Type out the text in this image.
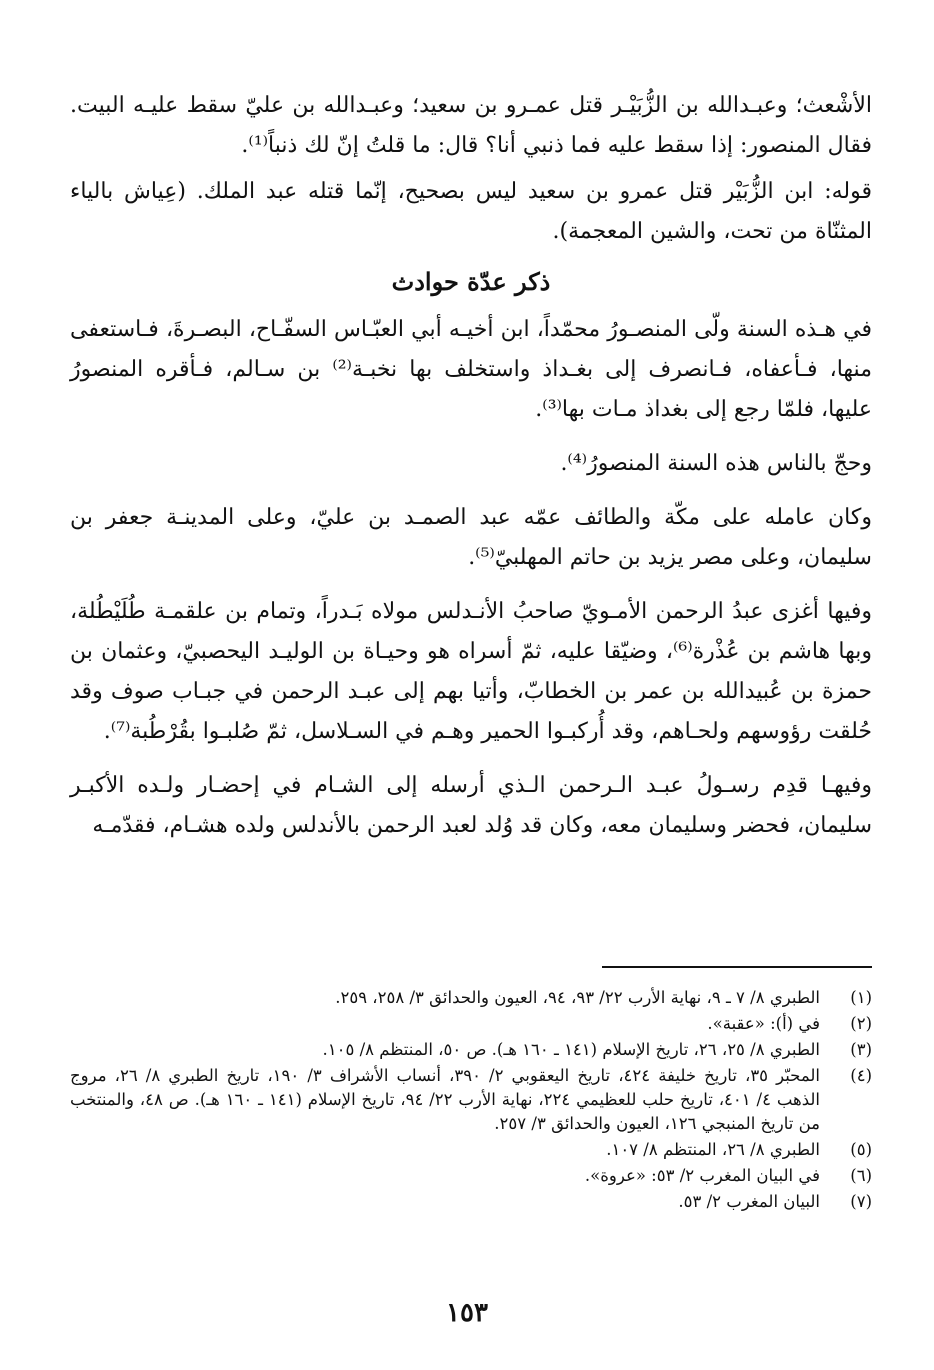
الأشْعث؛ وعبـدالله بن الزُّبَيْـر قتل عمـرو بن سعيد؛ وعبـدالله بن عليّ سقط عليـه البيت. فقال المنصور: إذا سقط عليه فما ذنبي أنا؟ قال: ما قلتُ إنّ لك ذنباً⁽¹⁾.

قوله: ابن الزُّبَيْر قتل عمرو بن سعيد ليس بصحيح، إنّما قتله عبد الملك. (عِياش بالياء المثنّاة من تحت، والشين المعجمة).

ذكر عدّة حوادث

في هـذه السنة ولّى المنصـورُ محمّداً، ابن أخيـه أبي العبّـاس السفّـاح، البصـرةَ، فـاستعفى منها، فـأعفاه، فـانصرف إلى بغـداذ واستخلف بها نخبـة⁽²⁾ بن سـالم، فـأقره المنصورُ عليها، فلمّا رجع إلى بغداذ مـات بها⁽³⁾.

وحجّ بالناس هذه السنة المنصورُ⁽⁴⁾.

وكان عامله على مكّة والطائف عمّه عبد الصمـد بن عليّ، وعلى المدينـة جعفر بن سليمان، وعلى مصر يزيد بن حاتم المهلبيّ⁽⁵⁾.

وفيها أغزى عبدُ الرحمن الأمـويّ صاحبُ الأنـدلس مولاه بَـدراً، وتمام بن علقمـة طُلَيْطُلة، وبها هاشم بن عُذْرة⁽⁶⁾، وضيّقا عليه، ثمّ أسراه هو وحيـاة بن الوليـد اليحصبيّ، وعثمان بن حمزة بن عُبيدالله بن عمر بن الخطابّ، وأتيا بهم إلى عبـد الرحمن في جبـاب صوف وقد حُلقت رؤوسهم ولحـاهم، وقد أُركبـوا الحمير وهـم في السـلاسل، ثمّ صُلبـوا بقُرْطُبة⁽⁷⁾.

وفيهـا قدِم رسـولُ عبـد الـرحمن الـذي أرسله إلى الشـام في إحضـار ولـده الأكبـر سليمان، فحضر وسليمان معه، وكان قد وُلد لعبد الرحمن بالأندلس ولده هشـام، فقدّمـه

(١)
الطبري ٨/ ٧ ـ ٩، نهاية الأرب ٢٢/ ٩٣، ٩٤، العيون والحدائق ٣/ ٢٥٨، ٢٥٩.
(٢)
في (أ): «عقبة».
(٣)
الطبري ٨/ ٢٥، ٢٦، تاريخ الإسلام (١٤١ ـ ١٦٠ هـ). ص ٥٠، المنتظم ٨/ ١٠٥.
(٤)
المحبّر ٣٥، تاريخ خليفة ٤٢٤، تاريخ اليعقوبي ٢/ ٣٩٠، أنساب الأشراف ٣/ ١٩٠، تاريخ الطبري ٨/ ٢٦، مروج الذهب ٤/ ٤٠١، تاريخ حلب للعظيمي ٢٢٤، نهاية الأرب ٢٢/ ٩٤، تاريخ الإسلام (١٤١ ـ ١٦٠ هـ). ص ٤٨، والمنتخب من تاريخ المنبجي ١٢٦، العيون والحدائق ٣/ ٢٥٧.
(٥)
الطبري ٨/ ٢٦، المنتظم ٨/ ١٠٧.
(٦)
في البيان المغرب ٢/ ٥٣: «عروة».
(٧)
البيان المغرب ٢/ ٥٣.
١٥٣
